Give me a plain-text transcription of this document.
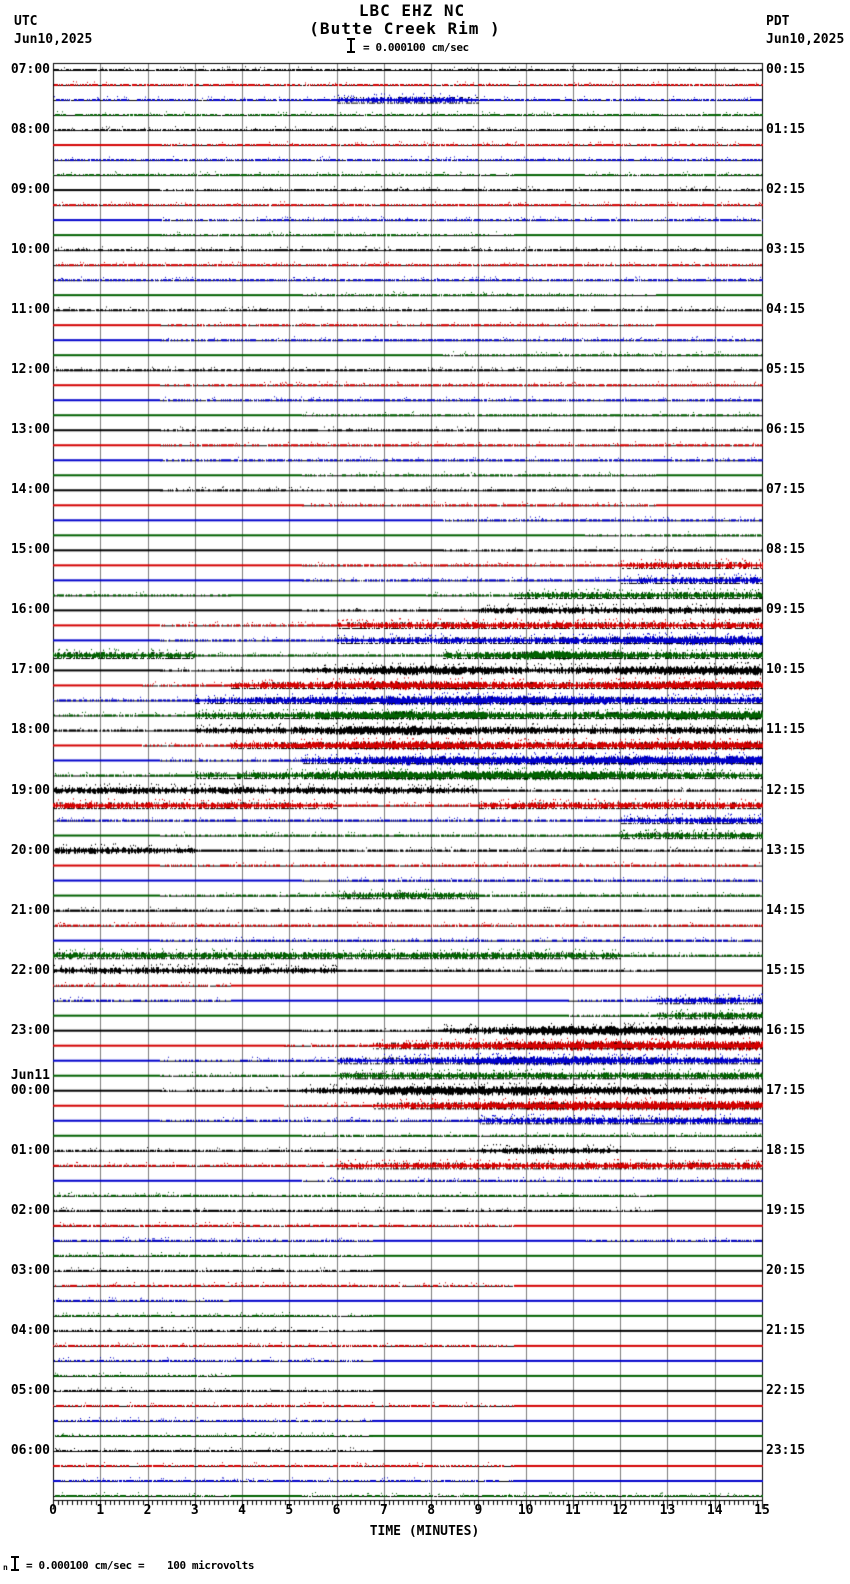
UTC
Jun10,2025
LBC EHZ NC
(Butte Creek Rim )
= 0.000100 cm/sec
PDT
Jun10,2025
07:00	00:15
08:00	01:15
09:00	02:15
10:00	03:15
11:00	04:15
12:00	05:15
13:00	06:15
14:00	07:15
15:00	08:15
16:00	09:15
17:00	10:15
18:00	11:15
19:00	12:15
20:00	13:15
21:00	14:15
22:00	15:15
23:00	16:15
Jun11
00:00	17:15
01:00	18:15
02:00	19:15
03:00	20:15
04:00	21:15
05:00	22:15
06:00	23:15
0	1	2	3	4	5	6	7	8	9	10	11	12	13	14	15
TIME (MINUTES)
n = 0.000100 cm/sec = 100 microvolts
